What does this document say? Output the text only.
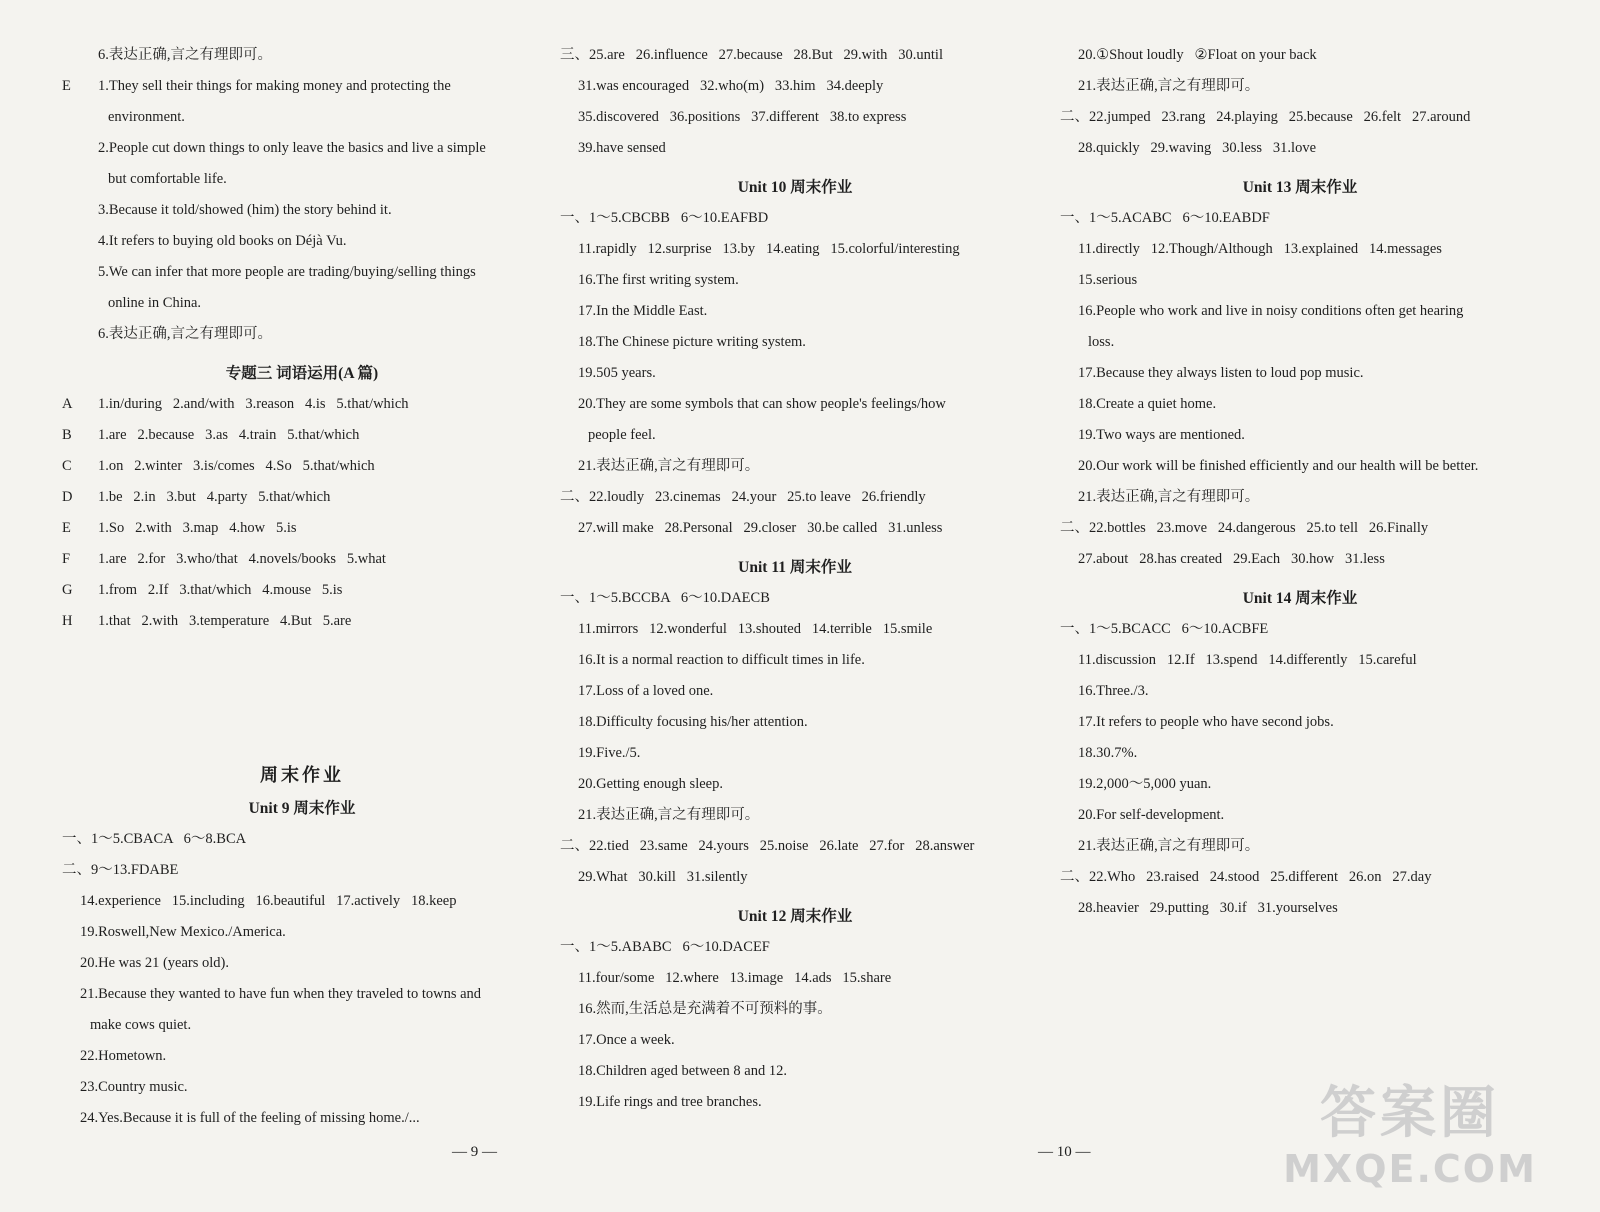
6.表达正确,言之有理即可。
E	1.They sell their things for making money and protecting the
environment.
2.People cut down things to only leave the basics and live a simple
but comfortable life.
3.Because it told/showed (him) the story behind it.
4.It refers to buying old books on Déjà Vu.
5.We can infer that more people are trading/buying/selling things
online in China.
6.表达正确,言之有理即可。
专题三 词语运用(A 篇)
A	1.in/during   2.and/with   3.reason   4.is   5.that/which
B	1.are   2.because   3.as   4.train   5.that/which
C	1.on   2.winter   3.is/comes   4.So   5.that/which
D	1.be   2.in   3.but   4.party   5.that/which
E	1.So   2.with   3.map   4.how   5.is
F	1.are   2.for   3.who/that   4.novels/books   5.what
G	1.from   2.If   3.that/which   4.mouse   5.is
H	1.that   2.with   3.temperature   4.But   5.are
周末作业
Unit 9 周末作业
一、1～5.CBACA   6～8.BCA
二、9～13.FDABE
14.experience   15.including   16.beautiful   17.actively   18.keep
19.Roswell,New Mexico./America.
20.He was 21 (years old).
21.Because they wanted to have fun when they traveled to towns and
make cows quiet.
22.Hometown.
23.Country music.
24.Yes.Because it is full of the feeling of missing home./...
三、25.are   26.influence   27.because   28.But   29.with   30.until
31.was encouraged   32.who(m)   33.him   34.deeply
35.discovered   36.positions   37.different   38.to express
39.have sensed
Unit 10 周末作业
一、1～5.CBCBB   6～10.EAFBD
11.rapidly   12.surprise   13.by   14.eating   15.colorful/interesting
16.The first writing system.
17.In the Middle East.
18.The Chinese picture writing system.
19.505 years.
20.They are some symbols that can show people's feelings/how
people feel.
21.表达正确,言之有理即可。
二、22.loudly   23.cinemas   24.your   25.to leave   26.friendly
27.will make   28.Personal   29.closer   30.be called   31.unless
Unit 11 周末作业
一、1～5.BCCBA   6～10.DAECB
11.mirrors   12.wonderful   13.shouted   14.terrible   15.smile
16.It is a normal reaction to difficult times in life.
17.Loss of a loved one.
18.Difficulty focusing his/her attention.
19.Five./5.
20.Getting enough sleep.
21.表达正确,言之有理即可。
二、22.tied   23.same   24.yours   25.noise   26.late   27.for   28.answer
29.What   30.kill   31.silently
Unit 12 周末作业
一、1～5.ABABC   6～10.DACEF
11.four/some   12.where   13.image   14.ads   15.share
16.然而,生活总是充满着不可预料的事。
17.Once a week.
18.Children aged between 8 and 12.
19.Life rings and tree branches.
20.①Shout loudly   ②Float on your back
21.表达正确,言之有理即可。
二、22.jumped   23.rang   24.playing   25.because   26.felt   27.around
28.quickly   29.waving   30.less   31.love
Unit 13 周末作业
一、1～5.ACABC   6～10.EABDF
11.directly   12.Though/Although   13.explained   14.messages
15.serious
16.People who work and live in noisy conditions often get hearing
loss.
17.Because they always listen to loud pop music.
18.Create a quiet home.
19.Two ways are mentioned.
20.Our work will be finished efficiently and our health will be better.
21.表达正确,言之有理即可。
二、22.bottles   23.move   24.dangerous   25.to tell   26.Finally
27.about   28.has created   29.Each   30.how   31.less
Unit 14 周末作业
一、1～5.BCACC   6～10.ACBFE
11.discussion   12.If   13.spend   14.differently   15.careful
16.Three./3.
17.It refers to people who have second jobs.
18.30.7%.
19.2,000～5,000 yuan.
20.For self-development.
21.表达正确,言之有理即可。
二、22.Who   23.raised   24.stood   25.different   26.on   27.day
28.heavier   29.putting   30.if   31.yourselves
— 9 —	— 10 —
答案圈
MXQE.COM
